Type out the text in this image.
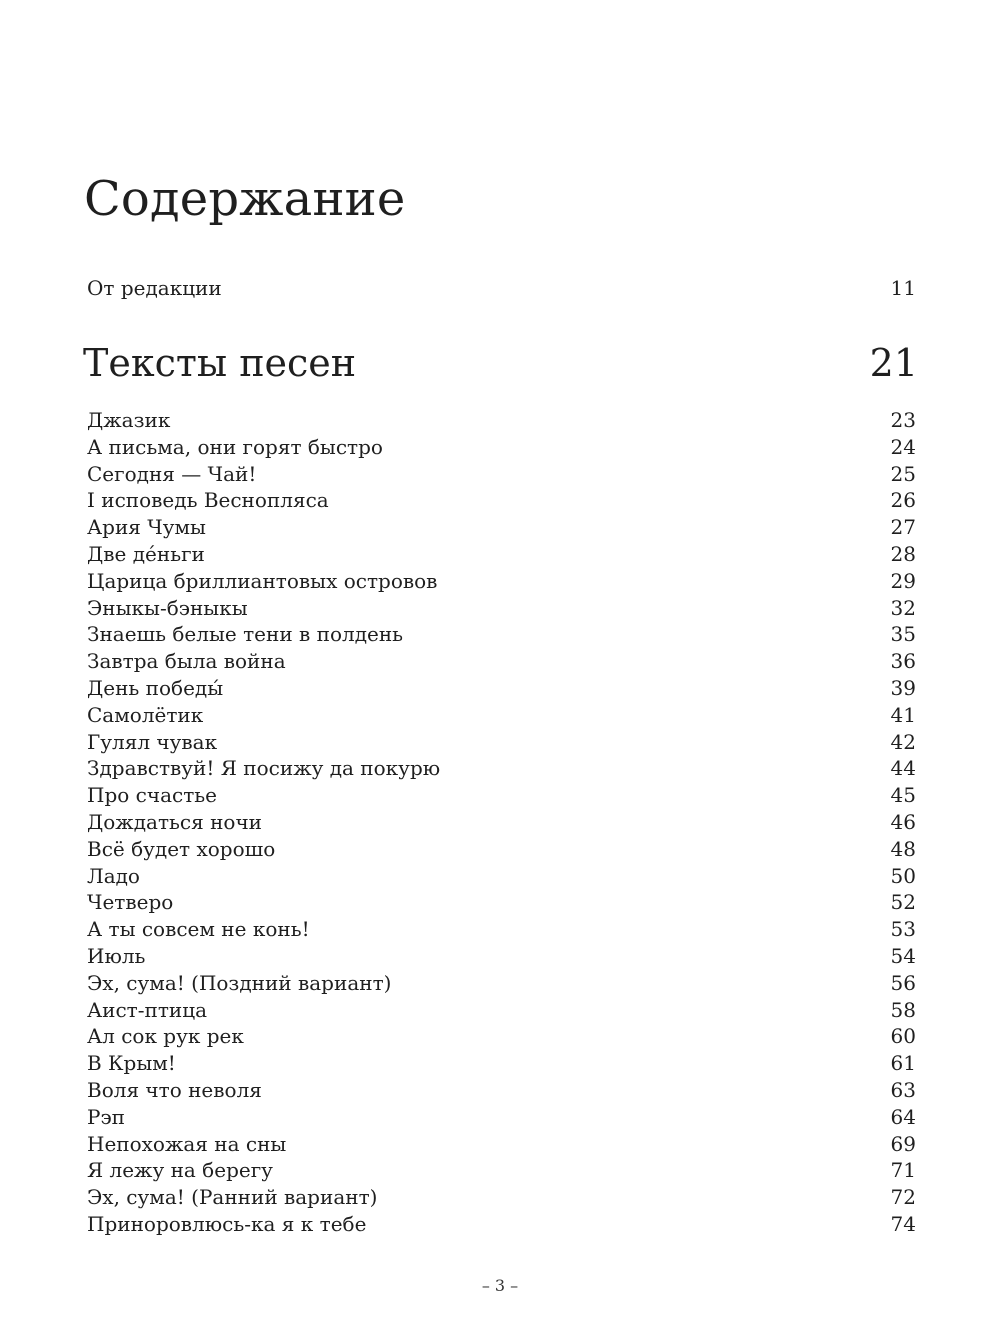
Содержание
От редакции	11
Тексты песен	21
Джазик	23
А письма, они горят быстро	24
Сегодня — Чай!	25
I исповедь Веснопляса	26
Ария Чумы	27
Две дéньги	28
Царица бриллиантовых островов	29
Эныкы-бэныкы	32
Знаешь белые тени в полдень	35
Завтра была война	36
День победы́	39
Самолётик	41
Гулял чувак	42
Здравствуй! Я посижу да покурю	44
Про счастье	45
Дождаться ночи	46
Всё будет хорошо	48
Ладо	50
Четверо	52
А ты совсем не конь!	53
Июль	54
Эх, сума! (Поздний вариант)	56
Аист-птица	58
Ал сок рук рек	60
В Крым!	61
Воля что неволя	63
Рэп	64
Непохожая на сны	69
Я лежу на берегу	71
Эх, сума! (Ранний вариант)	72
Приноровлюсь-ка я к тебе	74
– 3 –
